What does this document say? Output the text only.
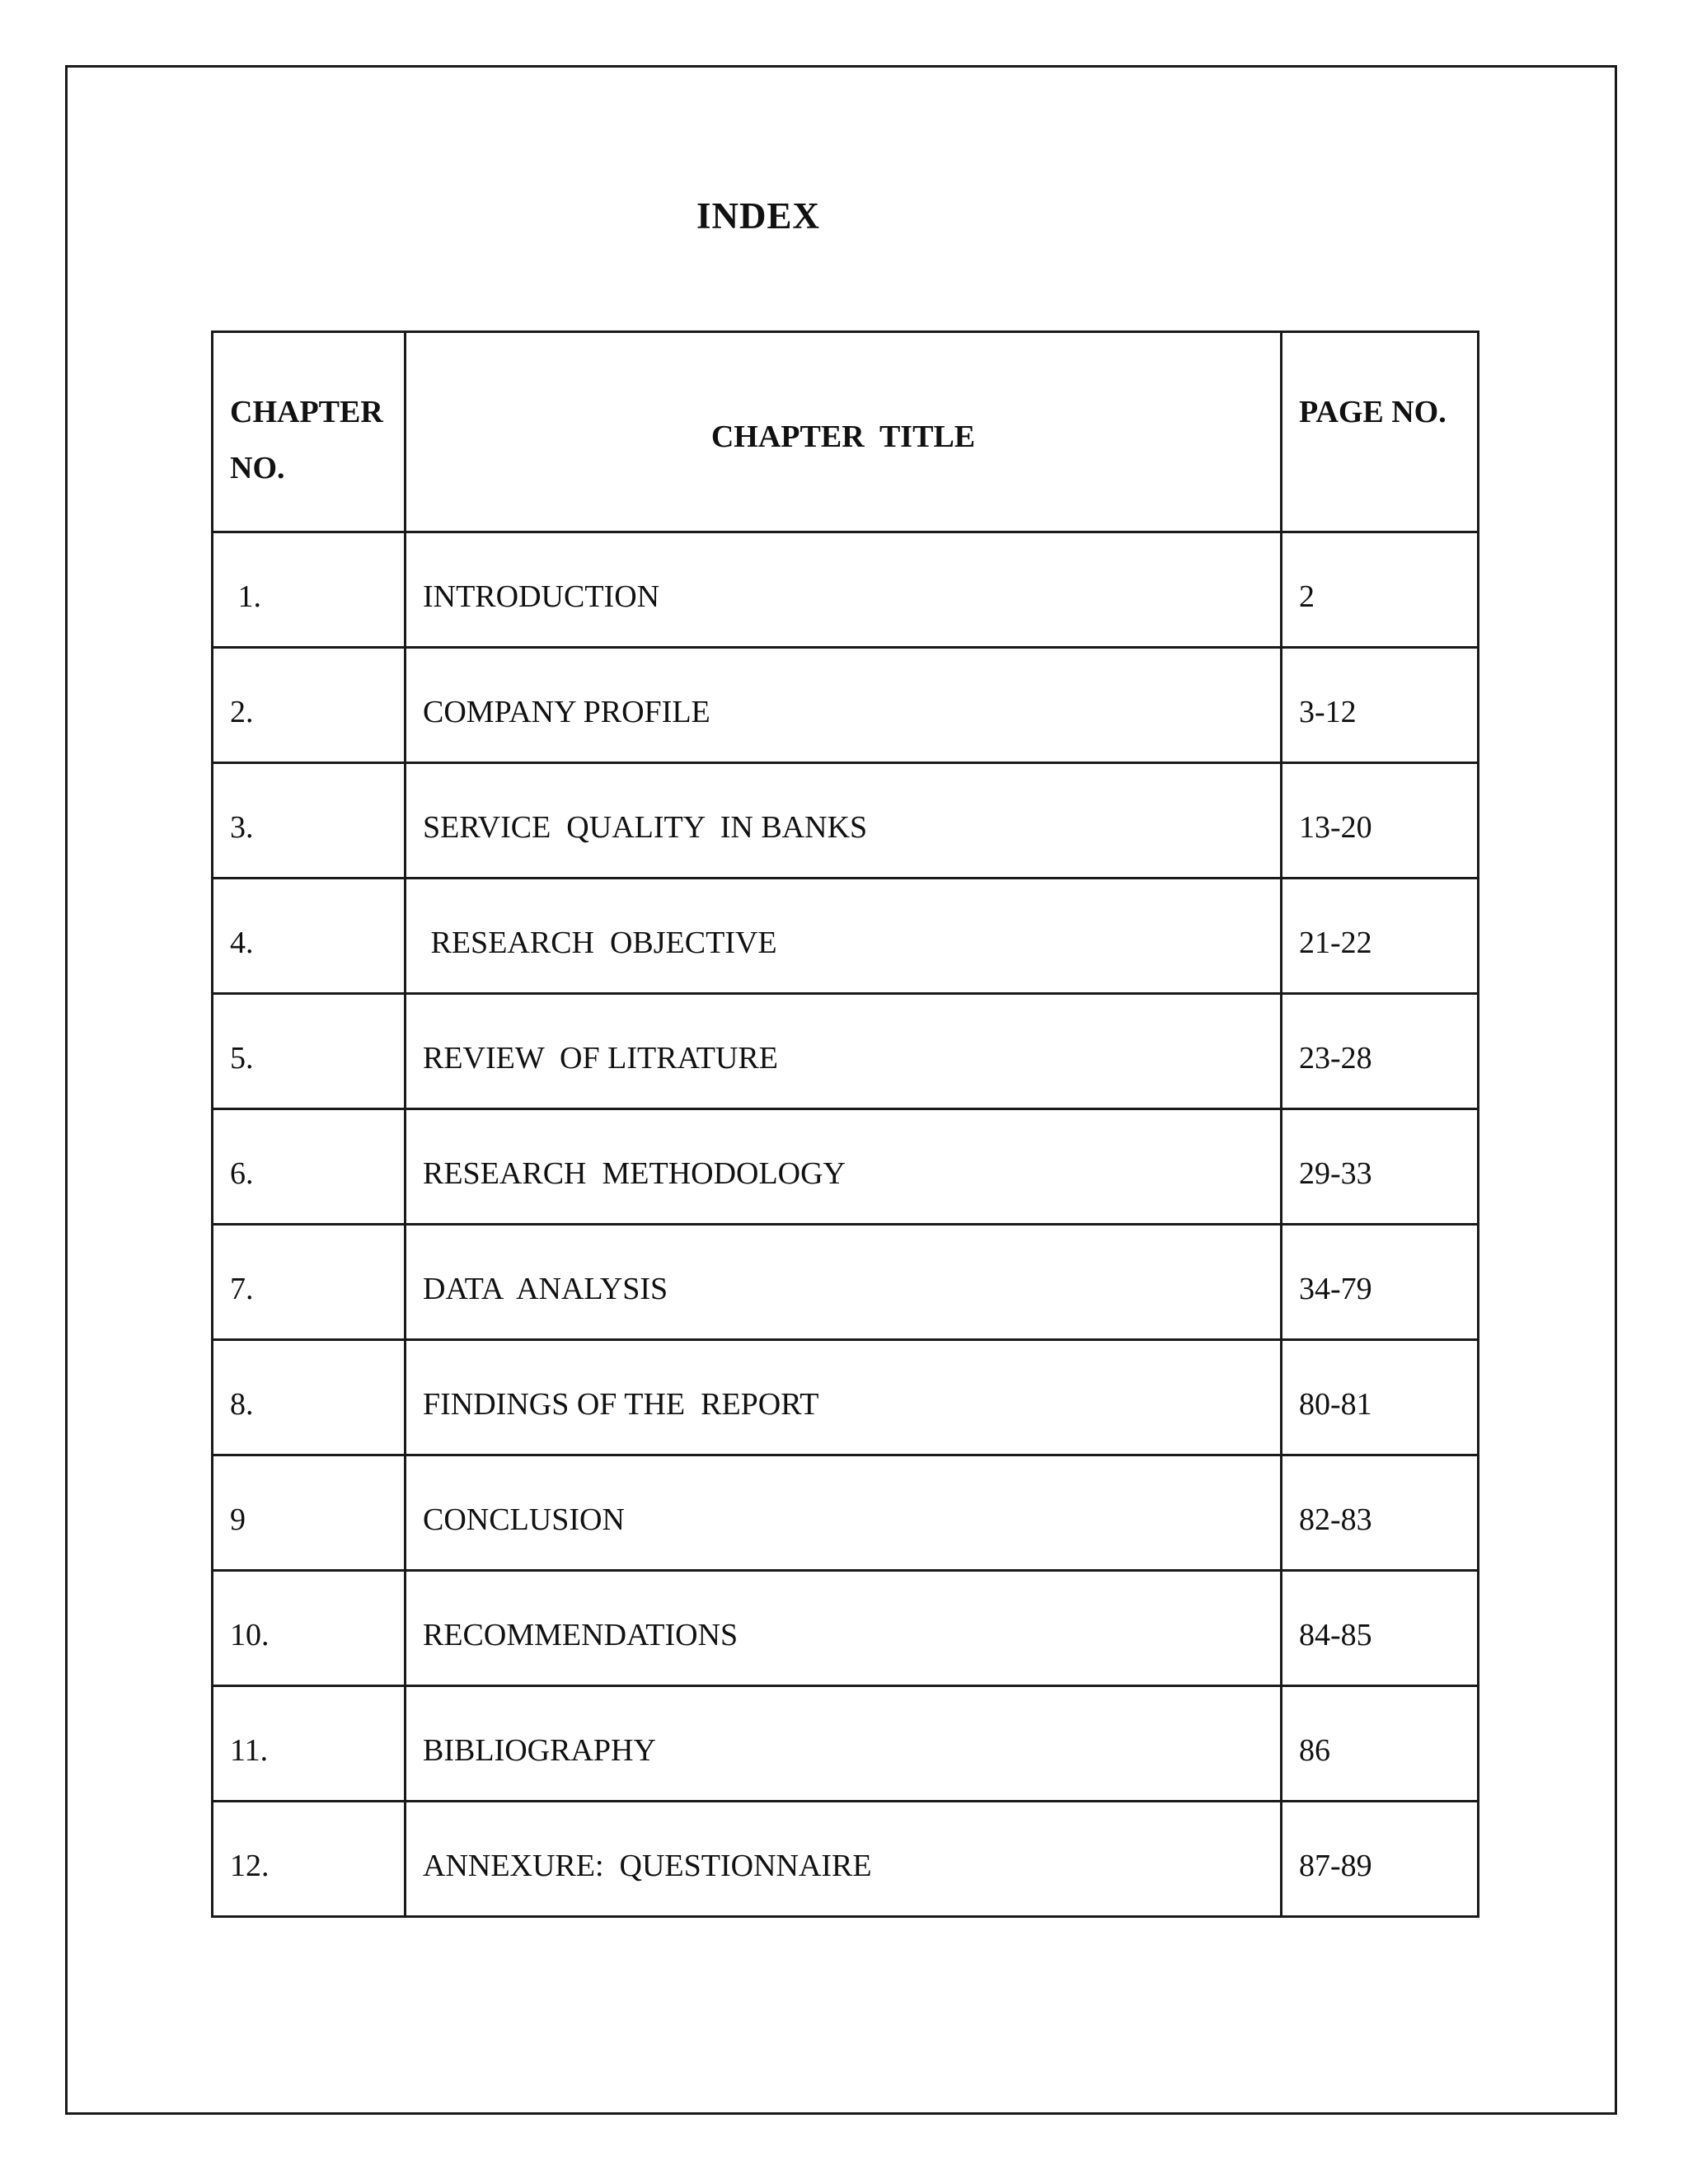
INDEX
CHAPTER NO.	CHAPTER  TITLE	PAGE NO.
1.	INTRODUCTION	2
2.	COMPANY PROFILE	3-12
3.	SERVICE  QUALITY  IN BANKS	13-20
4.	RESEARCH  OBJECTIVE	21-22
5.	REVIEW  OF LITRATURE	23-28
6.	RESEARCH  METHODOLOGY	29-33
7.	DATA  ANALYSIS	34-79
8.	FINDINGS OF THE  REPORT	80-81
9	CONCLUSION	82-83
10.	RECOMMENDATIONS	84-85
11.	BIBLIOGRAPHY	86
12.	ANNEXURE:  QUESTIONNAIRE	87-89
